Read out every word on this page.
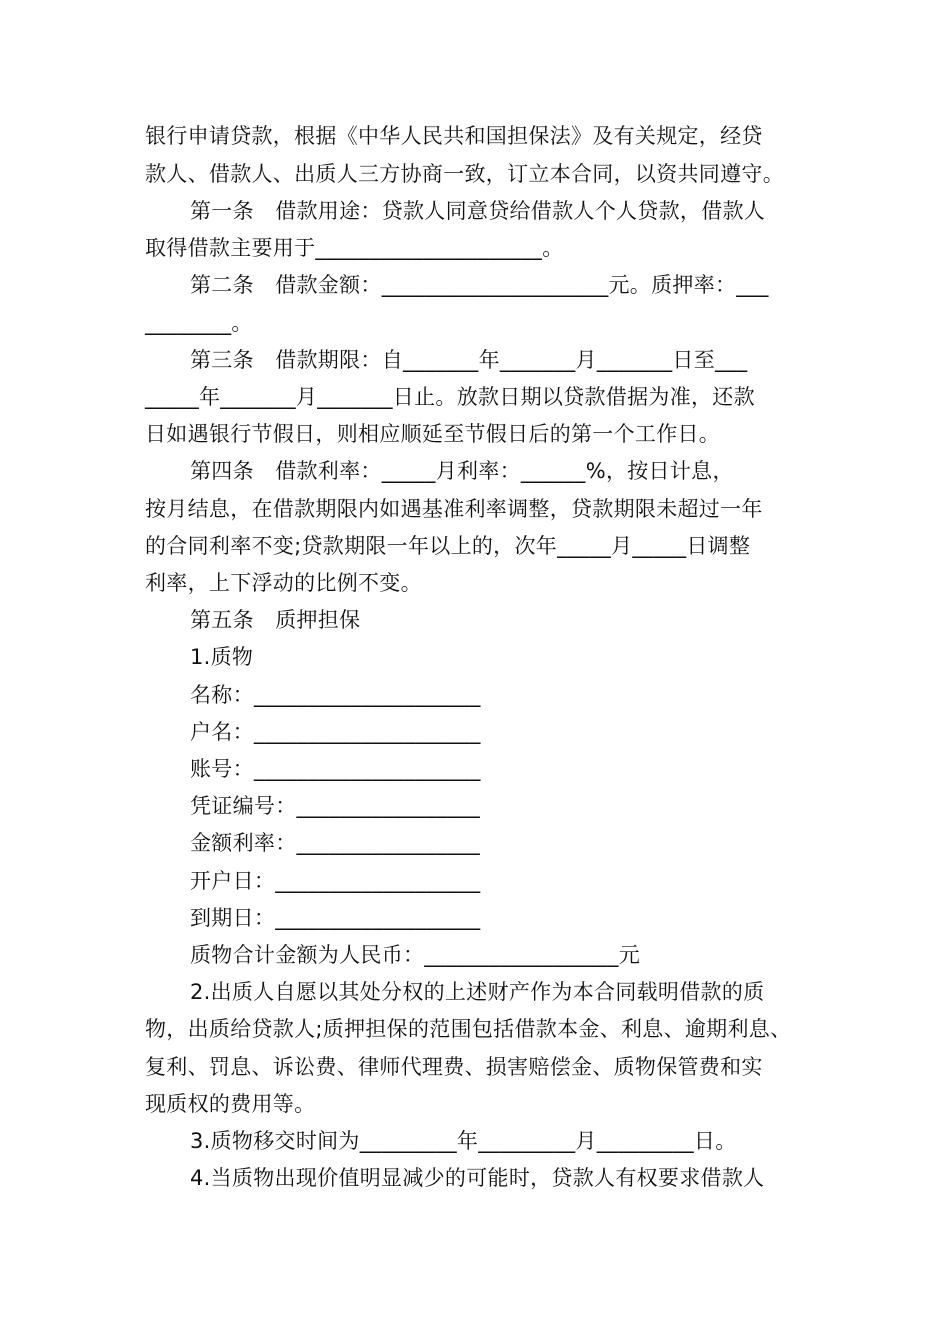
银行申请贷款，根据《中华人民共和国担保法》及有关规定，经贷
款人、借款人、出质人三方协商一致，订立本合同，以资共同遵守。
第一条　借款用途：贷款人同意贷给借款人个人贷款，借款人
取得借款主要用于_____________________。
第二条　借款金额：_____________________元。质押率：___
________。
第三条　借款期限：自_______年_______月_______日至___
_____年_______月_______日止。放款日期以贷款借据为准，还款
日如遇银行节假日，则相应顺延至节假日后的第一个工作日。
第四条　借款利率：_____月利率：______%，按日计息，
按月结息，在借款期限内如遇基准利率调整，贷款期限未超过一年
的合同利率不变;贷款期限一年以上的，次年_____月_____日调整
利率，上下浮动的比例不变。
第五条　质押担保
1.质物
名称：_____________________
户名：_____________________
账号：_____________________
凭证编号：_________________
金额利率：_________________
开户日：___________________
到期日：___________________
质物合计金额为人民币：__________________元
2.出质人自愿以其处分权的上述财产作为本合同载明借款的质
物，出质给贷款人;质押担保的范围包括借款本金、利息、逾期利息、
复利、罚息、诉讼费、律师代理费、损害赔偿金、质物保管费和实
现质权的费用等。
3.质物移交时间为_________年_________月_________日。
4.当质物出现价值明显减少的可能时，贷款人有权要求借款人
